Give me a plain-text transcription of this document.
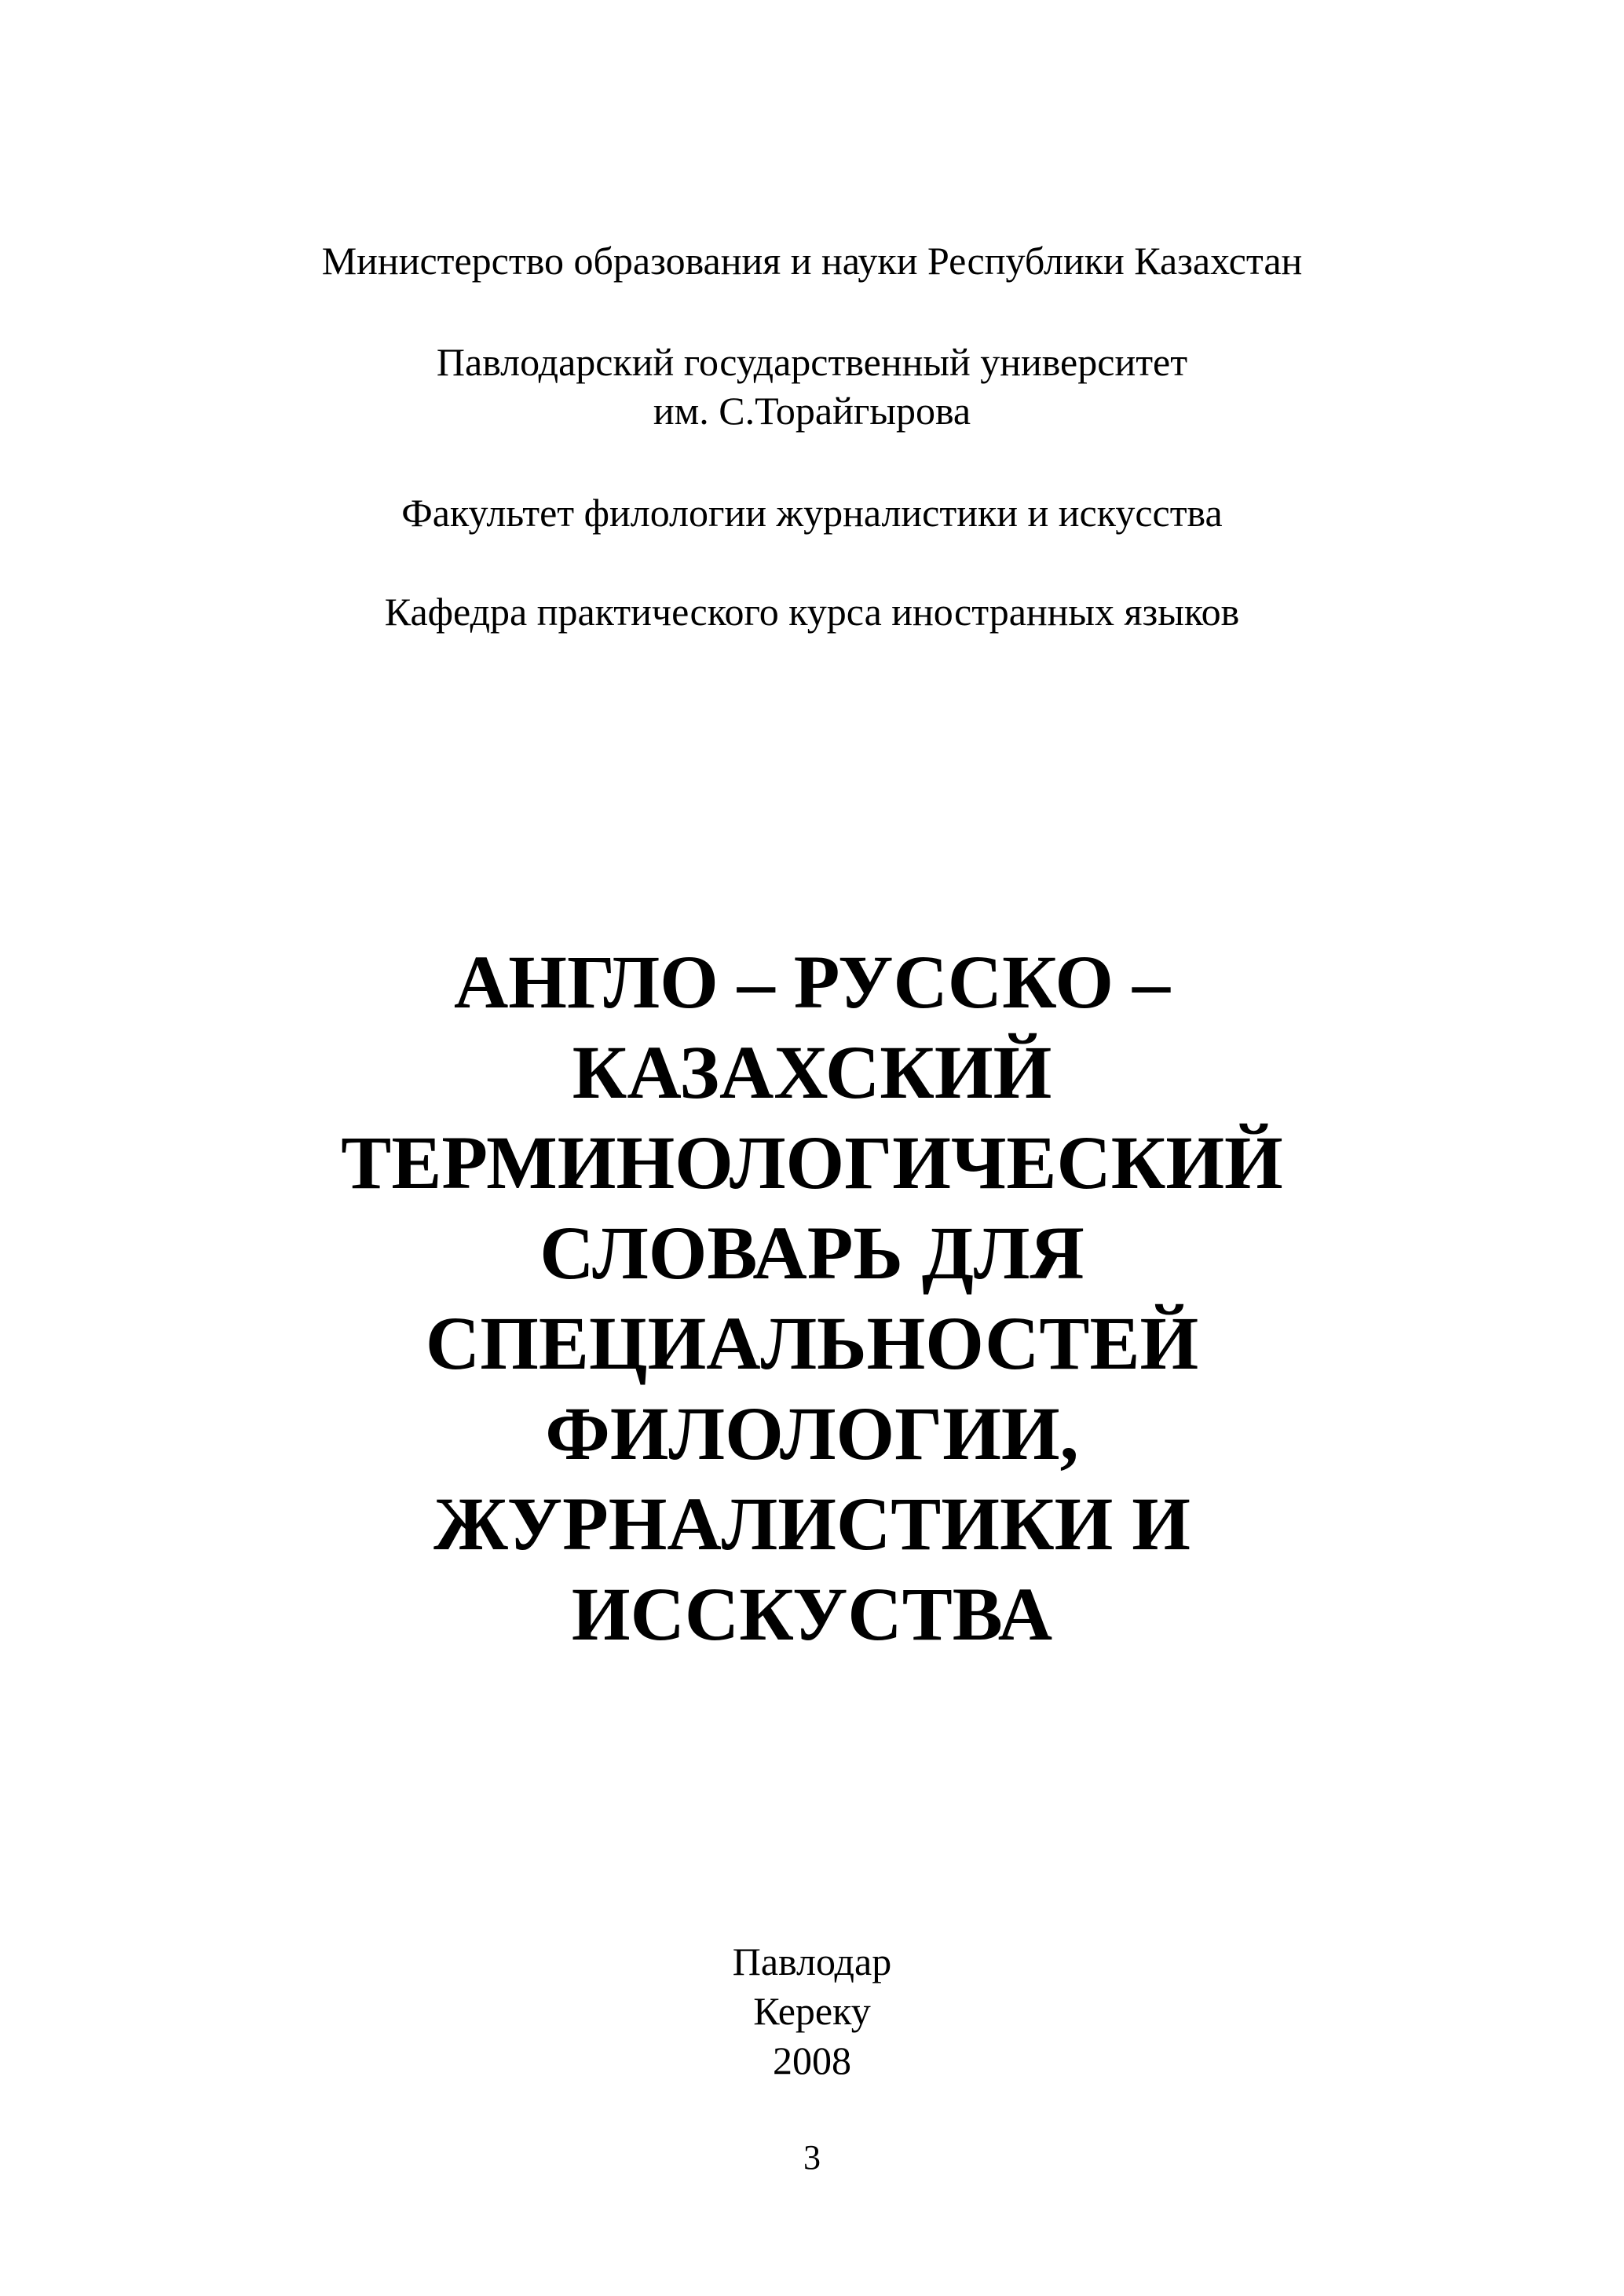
Министерство образования и науки Республики Казахстан
Павлодарский государственный университет
им. С.Торайгырова
Факультет филологии журналистики и искусства
Кафедра практического курса иностранных языков
АНГЛО – РУССКО –
КАЗАХСКИЙ
ТЕРМИНОЛОГИЧЕСКИЙ
СЛОВАРЬ ДЛЯ
СПЕЦИАЛЬНОСТЕЙ
ФИЛОЛОГИИ,
ЖУРНАЛИСТИКИ И
ИССКУСТВА
Павлодар
Кереку
2008
3
